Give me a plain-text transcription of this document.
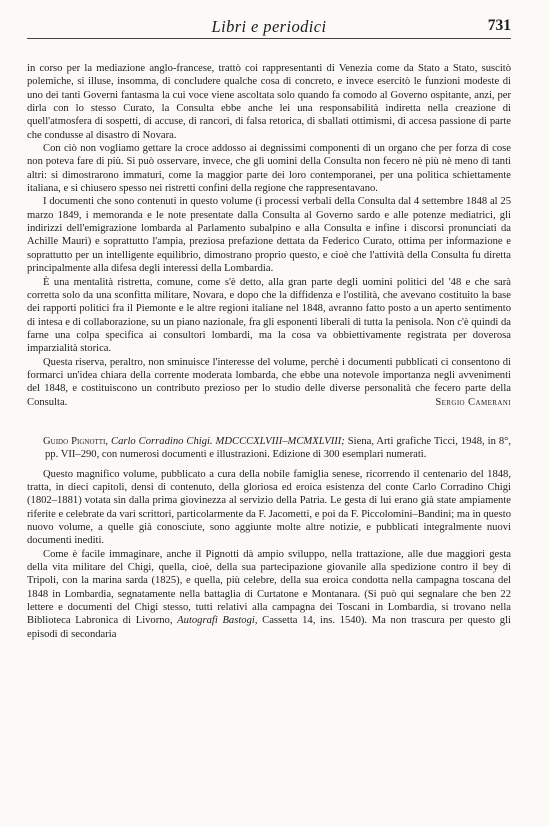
Libri e periodici	731

in corso per la mediazione anglo-francese, trattò coi rappresentanti di Venezia come da Stato a Stato, suscitò polemiche, si illuse, insomma, di concludere qualche cosa di concreto, e invece esercitò le funzioni modeste di uno dei tanti Governi fantasma la cui voce viene ascoltata solo quando fa comodo al Governo ospitante, anzi, per dirla con lo stesso Curato, la Consulta ebbe anche lei una responsabilità indiretta nella creazione di quell'atmosfera di sospetti, di accuse, di rancori, di falsa retorica, di sballati ottimismi, di accesa passione di parte che condusse al disastro di Novara.

Con ciò non vogliamo gettare la croce addosso ai degnissimi componenti di un organo che per forza di cose non poteva fare di più. Si può osservare, invece, che gli uomini della Consulta non fecero nè più nè meno di tanti altri: si dimostrarono immaturi, come la maggior parte dei loro contemporanei, per una politica schiettamente italiana, e si chiusero spesso nei ristretti confini della regione che rappresentavano.

I documenti che sono contenuti in questo volume (i processi verbali della Consulta dal 4 settembre 1848 al 25 marzo 1849, i memoranda e le note presentate dalla Consulta al Governo sardo e alle potenze mediatrici, gli indirizzi dell'emigrazione lombarda al Parlamento subalpino e alla Consulta e infine i discorsi pronunciati da Achille Mauri) e soprattutto l'ampia, preziosa prefazione dettata da Federico Curato, ottima per informazione e soprattutto per un intelligente equilibrio, dimostrano proprio questo, e cioè che l'attività della Consulta fu diretta principalmente alla difesa degli interessi della Lombardia.

È una mentalità ristretta, comune, come s'è detto, alla gran parte degli uomini politici del '48 e che sarà corretta solo da una sconfitta militare, Novara, e dopo che la diffidenza e l'ostilità, che avevano costituito la base dei rapporti politici fra il Piemonte e le altre regioni italiane nel 1848, avranno fatto posto a un aperto sentimento di intesa e di collaborazione, su un piano nazionale, fra gli esponenti liberali di tutta la penisola. Non c'è quindi da farne una colpa specifica ai consultori lombardi, ma la cosa va obbiettivamente registrata per doverosa imparzialità storica.

Questa riserva, peraltro, non sminuisce l'interesse del volume, perchè i documenti pubblicati ci consentono di formarci un'idea chiara della corrente moderata lombarda, che ebbe una notevole importanza negli avvenimenti del 1848, e costituiscono un contributo prezioso per lo studio delle diverse personalità che fecero parte della Consulta.	Sergio Camerani

Guido Pignotti, Carlo Corradino Chigi. MDCCCXLVIII–MCMXLVIII; Siena, Arti grafiche Ticci, 1948, in 8°, pp. VII–290, con numerosi documenti e illustrazioni. Edizione di 300 esemplari numerati.

Questo magnifico volume, pubblicato a cura della nobile famiglia senese, ricorrendo il centenario del 1848, tratta, in dieci capitoli, densi di contenuto, della gloriosa ed eroica esistenza del conte Carlo Corradino Chigi (1802–1881) votata sin dalla prima giovinezza al servizio della Patria. Le gesta di lui erano già state ampiamente riferite e celebrate da vari scrittori, particolarmente da F. Jacometti, e poi da F. Piccolomini–Bandini; ma in questo nuovo volume, a quelle già conosciute, sono aggiunte molte altre notizie, e pubblicati integralmente nuovi documenti inediti.

Come è facile immaginare, anche il Pignotti dà ampio sviluppo, nella trattazione, alle due maggiori gesta della vita militare del Chigi, quella, cioè, della sua partecipazione giovanile alla spedizione contro il bey di Tripoli, con la marina sarda (1825), e quella, più celebre, della sua eroica condotta nella campagna toscana del 1848 in Lombardia, segnatamente nella battaglia di Curtatone e Montanara. (Si può qui segnalare che ben 22 lettere e documenti del Chigi stesso, tutti relativi alla campagna dei Toscani in Lombardia, si trovano nella Biblioteca Labronica di Livorno, Autografi Bastogi, Cassetta 14, ins. 1540). Ma non trascura per questo gli episodi di secondaria
